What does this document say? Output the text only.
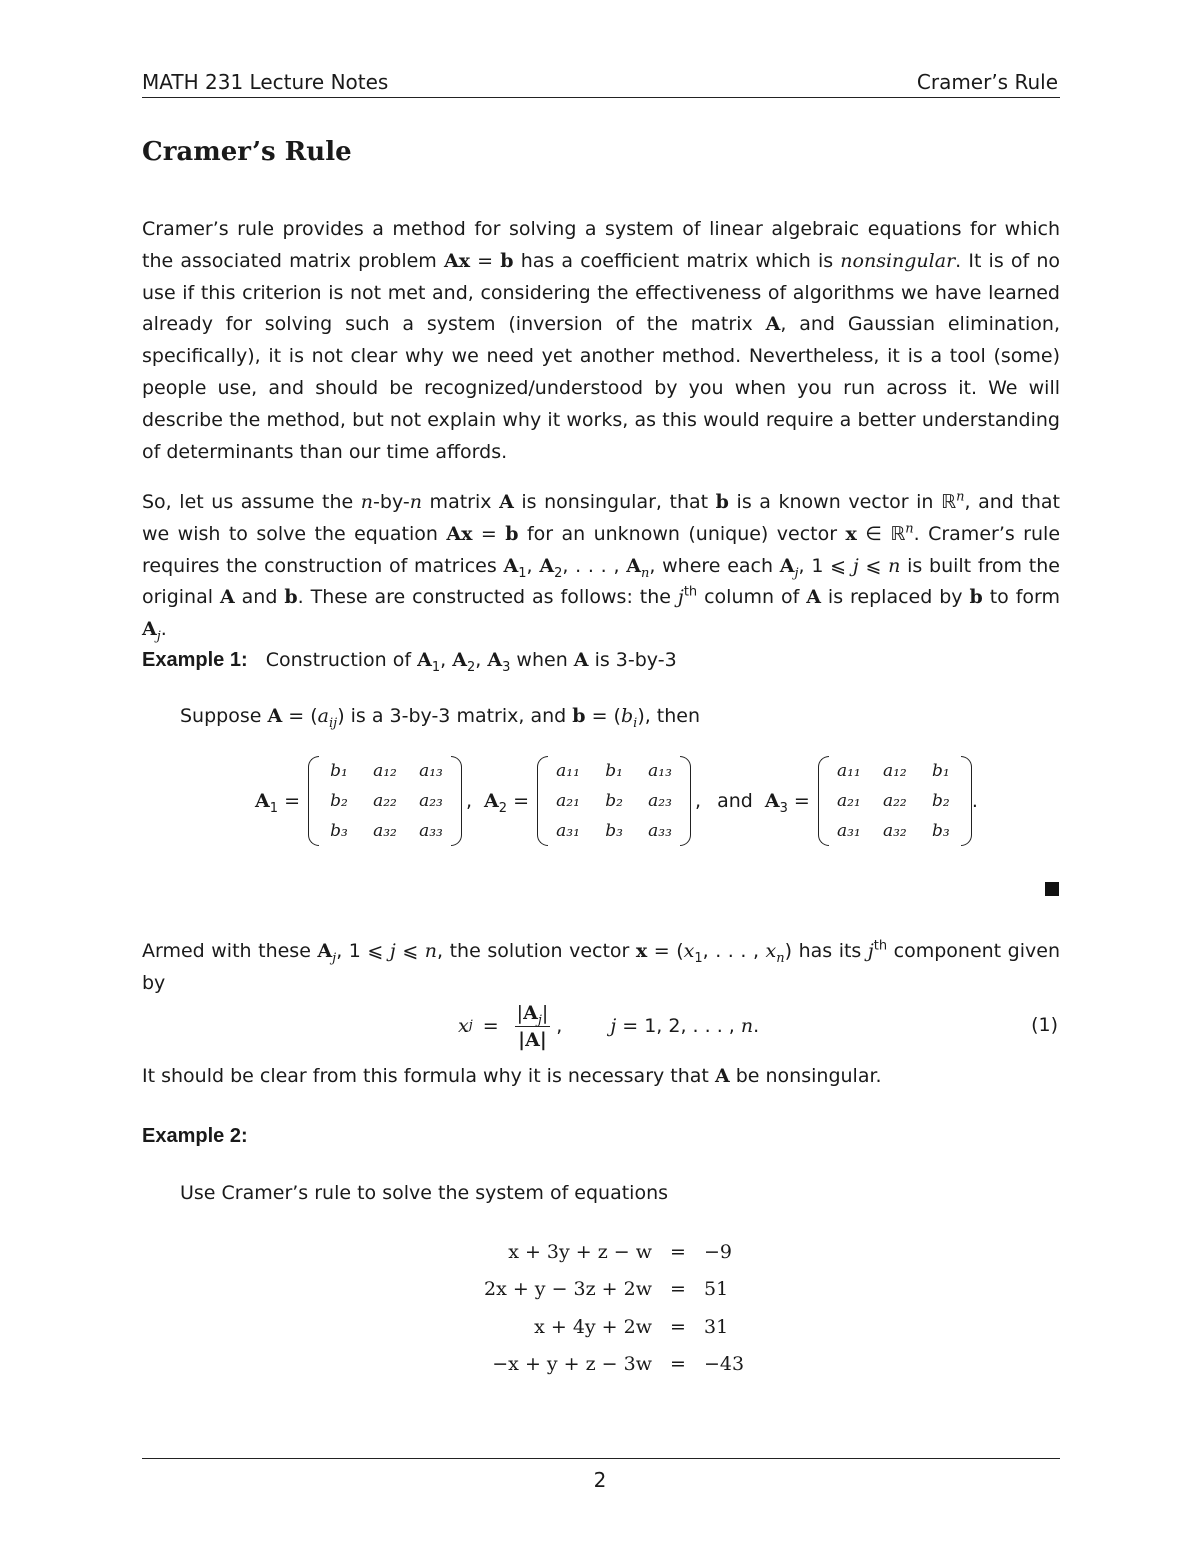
MATH 231 Lecture Notes	Cramer’s Rule
Cramer’s Rule

Cramer’s rule provides a method for solving a system of linear algebraic equations for which the associated matrix problem Ax = b has a coefficient matrix which is nonsingular. It is of no use if this criterion is not met and, considering the effectiveness of algorithms we have learned already for solving such a system (inversion of the matrix A, and Gaussian elimination, specifically), it is not clear why we need yet another method. Nevertheless, it is a tool (some) people use, and should be recognized/understood by you when you run across it. We will describe the method, but not explain why it works, as this would require a better understanding of determinants than our time affords.

So, let us assume the n-by-n matrix A is nonsingular, that b is a known vector in ℝ$^n$, and that we wish to solve the equation Ax = b for an unknown (unique) vector x ∈ ℝ$^n$. Cramer’s rule requires the construction of matrices $A_1$, $A_2$, . . . , $A_n$, where each $A_j$, 1 ⩽ j ⩽ n is built from the original A and b. These are constructed as follows: the $j^{th}$ column of A is replaced by b to form $A_j$.

Example 1: Construction of $A_1$, $A_2$, $A_3$ when A is 3-by-3
Suppose $A = (a_{ij})$ is a 3-by-3 matrix, and $b = (b_i)$, then
$A_1$ =
b₁ a₁₂ a₁₃
b₂ a₂₂ a₂₃
b₃ a₃₂ a₃₃
, $A_2$ =
a₁₁ b₁ a₁₃
a₂₁ b₂ a₂₃
a₃₁ b₃ a₃₃
, and $A_3$ =
a₁₁ a₁₂ b₁
a₂₁ a₂₂ b₂
a₃₁ a₃₂ b₃
.

Armed with these $A_j$, 1 ⩽ j ⩽ n, the solution vector $x = (x_1$, . . . , $x_n$) has its $j^{th}$ component given by

x $j = \frac{|A_j|}{|A|}$ ,	j = 1, 2, . . . , n.	(1)

It should be clear from this formula why it is necessary that A be nonsingular.

Example 2:
Use Cramer’s rule to solve the system of equations
x + 3y + z − w	=	−9
2x + y − 3z + 2w	=	51
x + 4y + 2w	=	31
−x + y + z − 3w	=	−43
2
